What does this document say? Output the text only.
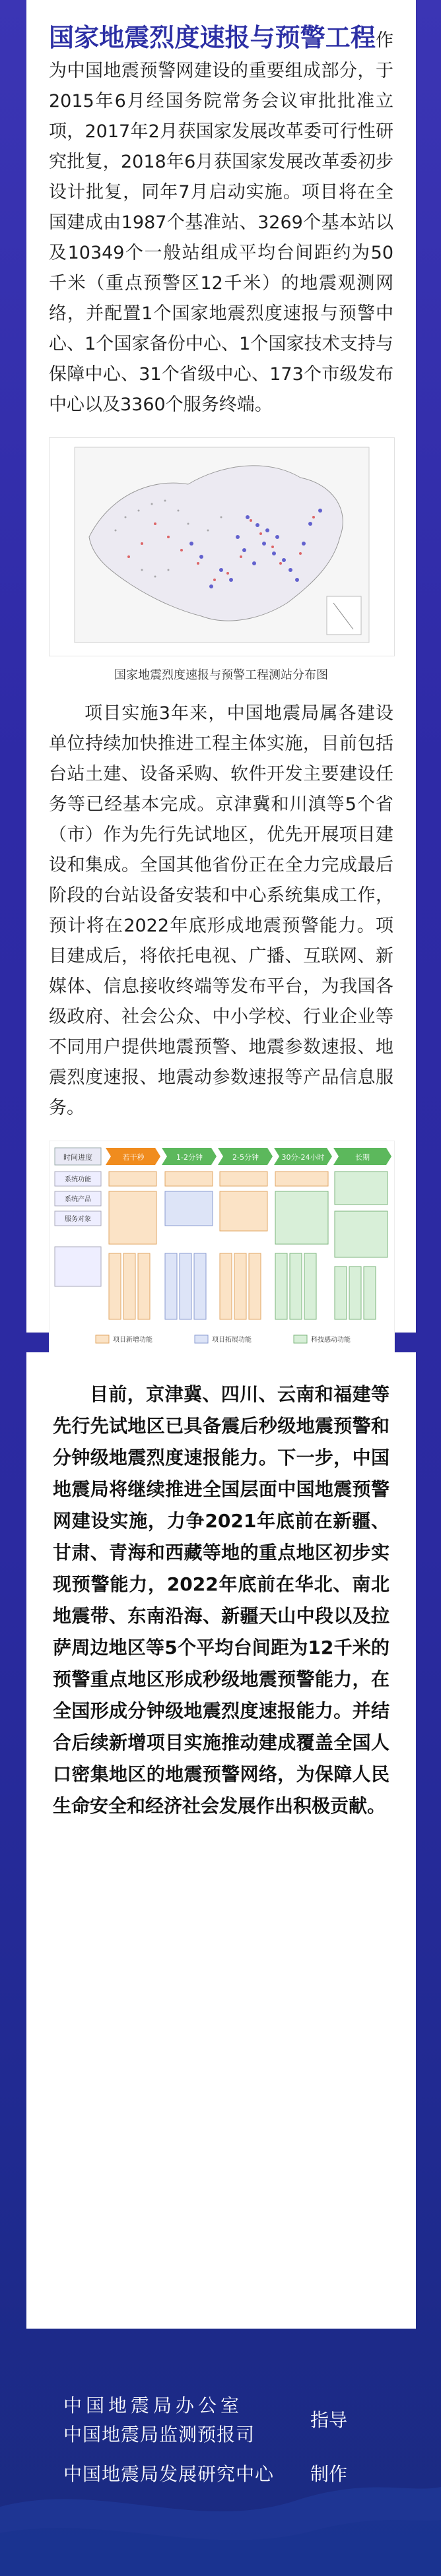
国家地震烈度速报与预警工程作为中国地震预警网建设的重要组成部分，于2015年6月经国务院常务会议审批批准立项，2017年2月获国家发展改革委可行性研究批复，2018年6月获国家发展改革委初步设计批复，同年7月启动实施。项目将在全国建成由1987个基准站、3269个基本站以及10349个一般站组成平均台间距约为50千米（重点预警区12千米）的地震观测网络，并配置1个国家地震烈度速报与预警中心、1个国家备份中心、1个国家技术支持与保障中心、31个省级中心、173个市级发布中心以及3360个服务终端。

国家地震烈度速报与预警工程测站分布图

项目实施3年来，中国地震局属各建设单位持续加快推进工程主体实施，目前包括台站土建、设备采购、软件开发主要建设任务等已经基本完成。京津冀和川滇等5个省（市）作为先行先试地区，优先开展项目建设和集成。全国其他省份正在全力完成最后阶段的台站设备安装和中心系统集成工作，预计将在2022年底形成地震预警能力。项目建成后，将依托电视、广播、互联网、新媒体、信息接收终端等发布平台，为我国各级政府、社会公众、中小学校、行业企业等不同用户提供地震预警、地震参数速报、地震烈度速报、地震动参数速报等产品信息服务。

时间进度	若干秒	1-2分钟	2-5分钟	30分-24小时	长期
系统功能
系统产品
服务对象
项目新增功能	项目拓展功能	科技感动功能

目前，京津冀、四川、云南和福建等先行先试地区已具备震后秒级地震预警和分钟级地震烈度速报能力。下一步，中国地震局将继续推进全国层面中国地震预警网建设实施，力争2021年底前在新疆、甘肃、青海和西藏等地的重点地区初步实现预警能力，2022年底前在华北、南北地震带、东南沿海、新疆天山中段以及拉萨周边地区等5个平均台间距为12千米的预警重点地区形成秒级地震预警能力，在全国形成分钟级地震烈度速报能力。并结合后续新增项目实施推动建成覆盖全国人口密集地区的地震预警网络，为保障人民生命安全和经济社会发展作出积极贡献。

中国地震局办公室
中国地震局监测预报司
指导
中国地震局发展研究中心 制作
